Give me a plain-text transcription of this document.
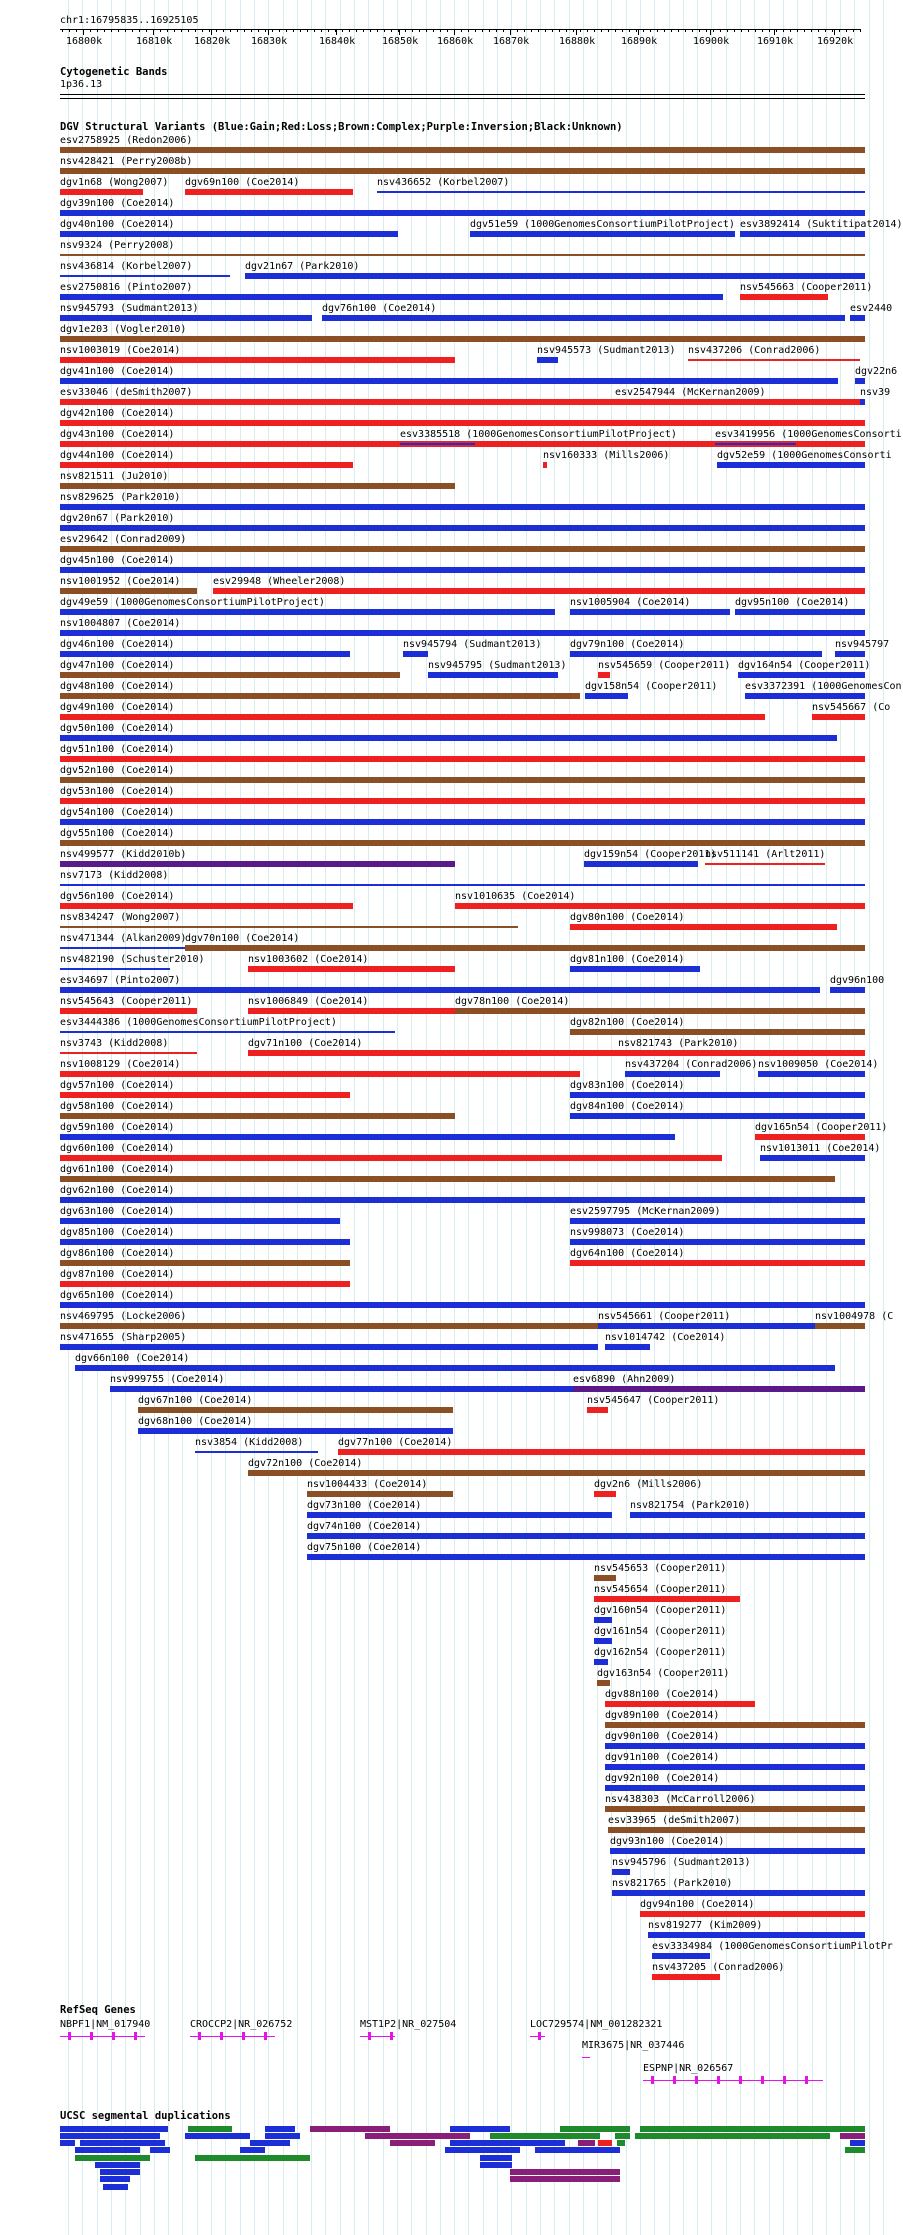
chr1:16795835..16925105
16800k	16810k 16820k 16830k	16840k	16850k 16860k 16870k	16880k	16890k	16900k	16910k 16920k
Cytogenetic Bands
1p36.13
DGV Structural Variants (Blue:Gain;Red:Loss;Brown:Complex;Purple:Inversion;Black:Unknown)
esv2758925 (Redon2006)
nsv428421 (Perry2008b)
dgv1n68 (Wong2007) dgv69n100 (Coe2014)	nsv436652 (Korbel2007)
dgv39n100 (Coe2014)
dgv40n100 (Coe2014)	dgv51e59 (1000GenomesConsortiumPilotProject) esv3892414 (Suktitipat2014)
nsv9324 (Perry2008)
nsv436814 (Korbel2007)	dgv21n67 (Park2010)
esv2750816 (Pinto2007)	nsv545663 (Cooper2011)
nsv945793 (Sudmant2013)	dgv76n100 (Coe2014)	esv2440
dgv1e203 (Vogler2010)
nsv1003019 (Coe2014)	nsv945573 (Sudmant2013) nsv437206 (Conrad2006)
dgv41n100 (Coe2014)	dgv22n6
esv33046 (deSmith2007)	esv2547944 (McKernan2009)	nsv39
dgv42n100 (Coe2014)
dgv43n100 (Coe2014)	esv3385518 (1000GenomesConsortiumPilotProject)	esv3419956 (1000GenomesConsorti
dgv44n100 (Coe2014)	nsv160333 (Mills2006)	dgv52e59 (1000GenomesConsorti
nsv821511 (Ju2010)
nsv829625 (Park2010)
dgv20n67 (Park2010)
esv29642 (Conrad2009)
dgv45n100 (Coe2014)
nsv1001952 (Coe2014)	esv29948 (Wheeler2008)
dgv49e59 (1000GenomesConsortiumPilotProject)	nsv1005904 (Coe2014)	dgv95n100 (Coe2014)
nsv1004807 (Coe2014)
dgv46n100 (Coe2014)	nsv945794 (Sudmant2013)	dgv79n100 (Coe2014)	nsv945797
dgv47n100 (Coe2014)	nsv945795 (Sudmant2013)	nsv545659 (Cooper2011) dgv164n54 (Cooper2011)
dgv48n100 (Coe2014)	dgv158n54 (Cooper2011)	esv3372391 (1000GenomesCon
dgv49n100 (Coe2014)	nsv545667 (Co
dgv50n100 (Coe2014)
dgv51n100 (Coe2014)
dgv52n100 (Coe2014)
dgv53n100 (Coe2014)
dgv54n100 (Coe2014)
dgv55n100 (Coe2014)
nsv499577 (Kidd2010b)	dgv159n54 (Cooper2011)
nsv511141 (Arlt2011)
nsv7173 (Kidd2008)
dgv56n100 (Coe2014)	nsv1010635 (Coe2014)
nsv834247 (Wong2007)	dgv80n100 (Coe2014)
nsv471344 (Alkan2009)
dgv70n100 (Coe2014)
nsv482190 (Schuster2010)	nsv1003602 (Coe2014)	dgv81n100 (Coe2014)
esv34697 (Pinto2007)	dgv96n100
nsv545643 (Cooper2011)	nsv1006849 (Coe2014)	dgv78n100 (Coe2014)
esv3444386 (1000GenomesConsortiumPilotProject)	dgv82n100 (Coe2014)
nsv3743 (Kidd2008)	dgv71n100 (Coe2014)	nsv821743 (Park2010)
nsv1008129 (Coe2014)	nsv437204 (Conrad2006) nsv1009050 (Coe2014)
dgv57n100 (Coe2014)	dgv83n100 (Coe2014)
dgv58n100 (Coe2014)	dgv84n100 (Coe2014)
dgv59n100 (Coe2014)	dgv165n54 (Cooper2011)
dgv60n100 (Coe2014)	nsv1013011 (Coe2014)
dgv61n100 (Coe2014)
dgv62n100 (Coe2014)
dgv63n100 (Coe2014)	esv2597795 (McKernan2009)
dgv85n100 (Coe2014)	nsv998073 (Coe2014)
dgv86n100 (Coe2014)	dgv64n100 (Coe2014)
dgv87n100 (Coe2014)
dgv65n100 (Coe2014)
nsv469795 (Locke2006)	nsv545661 (Cooper2011)	nsv1004978 (C
nsv471655 (Sharp2005)	nsv1014742 (Coe2014)
dgv66n100 (Coe2014)
nsv999755 (Coe2014)	esv6890 (Ahn2009)
dgv67n100 (Coe2014)	nsv545647 (Cooper2011)
dgv68n100 (Coe2014)
nsv3854 (Kidd2008)	dgv77n100 (Coe2014)
dgv72n100 (Coe2014)
nsv1004433 (Coe2014)	dgv2n6 (Mills2006)
dgv73n100 (Coe2014)	nsv821754 (Park2010)
dgv74n100 (Coe2014)
dgv75n100 (Coe2014)
nsv545653 (Cooper2011)
nsv545654 (Cooper2011)
dgv160n54 (Cooper2011)
dgv161n54 (Cooper2011)
dgv162n54 (Cooper2011)
dgv163n54 (Cooper2011)
dgv88n100 (Coe2014)
dgv89n100 (Coe2014)
dgv90n100 (Coe2014)
dgv91n100 (Coe2014)
dgv92n100 (Coe2014)
nsv438303 (McCarroll2006)
esv33965 (deSmith2007)
dgv93n100 (Coe2014)
nsv945796 (Sudmant2013)
nsv821765 (Park2010)
dgv94n100 (Coe2014)
nsv819277 (Kim2009)
esv3334984 (1000GenomesConsortiumPilotPr
nsv437205 (Conrad2006)
RefSeq Genes
NBPF1|NM_017940	CROCCP2|NR_026752	MST1P2|NR_027504	LOC729574|NM_001282321
MIR3675|NR_037446
ESPNP|NR_026567
UCSC segmental duplications
